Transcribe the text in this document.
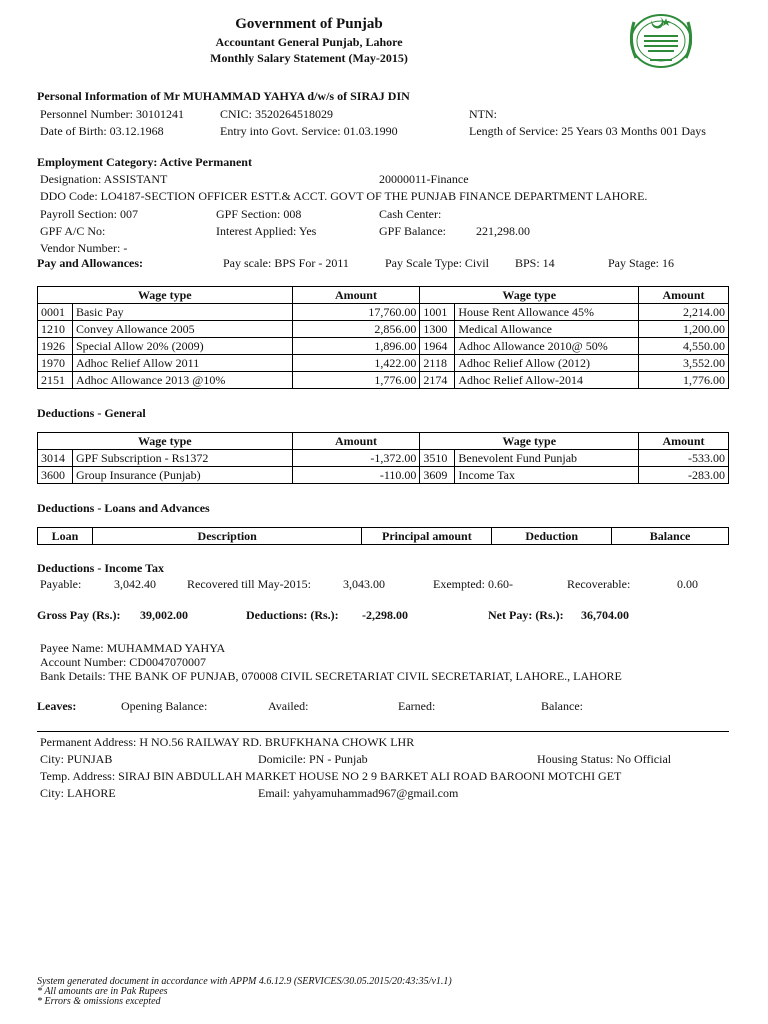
Government of Punjab
Accountant General Punjab, Lahore
Monthly Salary Statement (May-2015)
Personal Information of Mr MUHAMMAD YAHYA d/w/s of SIRAJ DIN
Personnel Number: 30101241	CNIC: 3520264518029	NTN:
Date of Birth: 03.12.1968	Entry into Govt. Service: 01.03.1990	Length of Service: 25 Years 03 Months 001 Days
Employment Category: Active Permanent
Designation: ASSISTANT	20000011-Finance
DDO Code: LO4187-SECTION OFFICER ESTT.& ACCT. GOVT OF THE PUNJAB FINANCE DEPARTMENT LAHORE.
Payroll Section: 007	GPF Section: 008	Cash Center:
GPF A/C No:	Interest Applied: Yes	GPF Balance:	221,298.00
Vendor Number: -
Pay and Allowances:	Pay scale: BPS For - 2011	Pay Scale Type: Civil BPS: 14	Pay Stage: 16
Wage type		Amount	Wage type		Amount
0001	Basic Pay	17,760.00	1001	House Rent Allowance 45%	2,214.00
1210	Convey Allowance 2005	2,856.00	1300	Medical Allowance	1,200.00
1926	Special Allow 20% (2009)	1,896.00	1964	Adhoc Allowance 2010@ 50%	4,550.00
1970	Adhoc Relief Allow 2011	1,422.00	2118	Adhoc Relief Allow (2012)	3,552.00
2151	Adhoc Allowance 2013 @10%	1,776.00	2174	Adhoc Relief Allow-2014	1,776.00
Deductions - General
Wage type		Amount	Wage type		Amount
3014	GPF Subscription - Rs1372	-1,372.00	3510	Benevolent Fund Punjab	-533.00
3600	Group Insurance (Punjab)	-110.00	3609	Income Tax	-283.00
Deductions - Loans and Advances
Loan	Description	Principal amount	Deduction	Balance
Deductions - Income Tax
Payable:	3,042.40	Recovered till May-2015:	3,043.00	Exempted: 0.60-	Recoverable:	0.00
Gross Pay (Rs.): 39,002.00	Deductions: (Rs.): -2,298.00	Net Pay: (Rs.): 36,704.00
Payee Name: MUHAMMAD YAHYA
Account Number: CD0047070007
Bank Details: THE BANK OF PUNJAB, 070008 CIVIL SECRETARIAT CIVIL SECRETARIAT, LAHORE., LAHORE
Leaves:	Opening Balance:	Availed:	Earned:	Balance:
Permanent Address: H NO.56 RAILWAY RD. BRUFKHANA CHOWK LHR
City: PUNJAB	Domicile: PN - Punjab	Housing Status: No Official
Temp. Address: SIRAJ BIN ABDULLAH MARKET HOUSE NO 2 9 BARKET ALI ROAD BAROONI MOTCHI GET
City: LAHORE	Email: yahyamuhammad967@gmail.com
System generated document in accordance with APPM 4.6.12.9 (SERVICES/30.05.2015/20:43:35/v1.1)
* All amounts are in Pak Rupees
* Errors & omissions excepted
